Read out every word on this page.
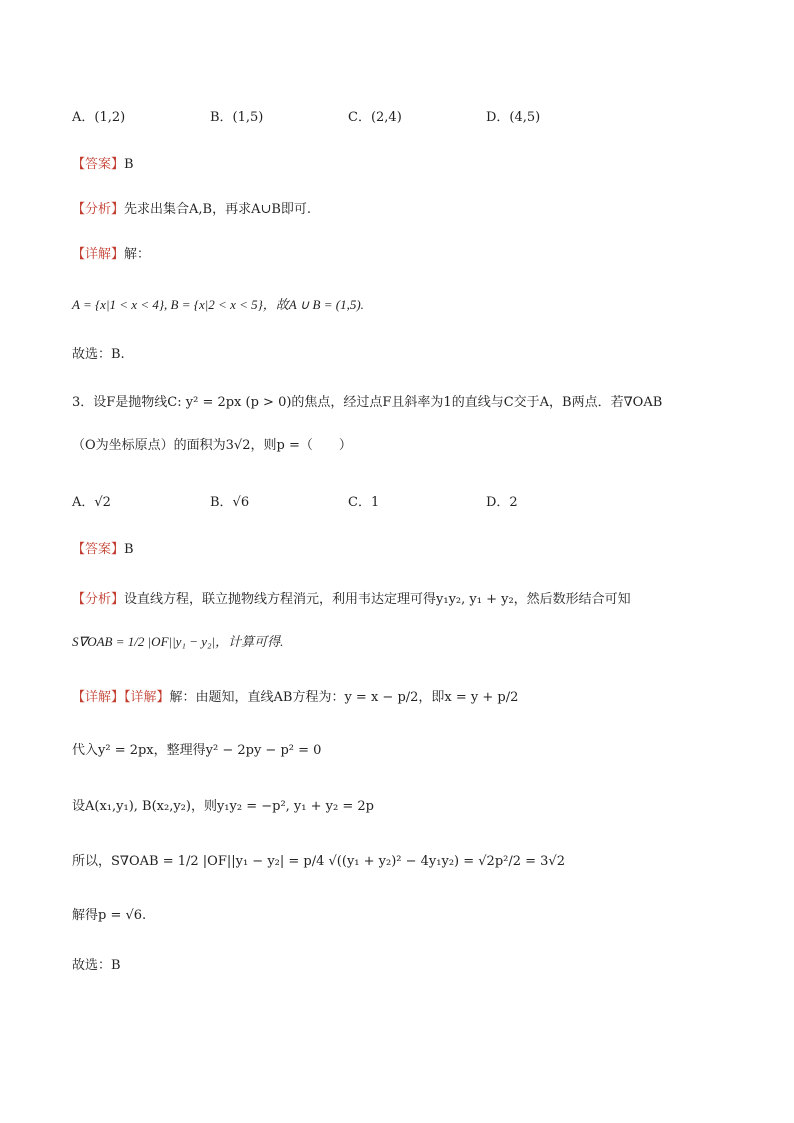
A．(1,2)	B．(1,5)	C．(2,4)	D．(4,5)
【答案】B
【分析】先求出集合A,B，再求A∪B即可.
【详解】解：
A = {x|1 < x < 4}, B = {x|2 < x < 5}，故A ∪ B = (1,5).
故选：B.
3．设F是抛物线C: y² = 2px (p > 0)的焦点，经过点F且斜率为1的直线与C交于A，B两点．若∇OAB
（O为坐标原点）的面积为3√2，则p =（　　）
A．√2	B．√6	C．1	D．2
【答案】B
【分析】设直线方程，联立抛物线方程消元，利用韦达定理可得y₁y₂, y₁ + y₂，然后数形结合可知
S∇OAB = 1/2 |OF||y₁ − y₂|，计算可得.
【详解】【详解】解：由题知，直线AB方程为：y = x − p/2，即x = y + p/2
代入y² = 2px，整理得y² − 2py − p² = 0
设A(x₁,y₁), B(x₂,y₂)，则y₁y₂ = −p², y₁ + y₂ = 2p
所以，S∇OAB = 1/2 |OF||y₁ − y₂| = p/4 √((y₁ + y₂)² − 4y₁y₂) = √2p²/2 = 3√2
解得p = √6.
故选：B
